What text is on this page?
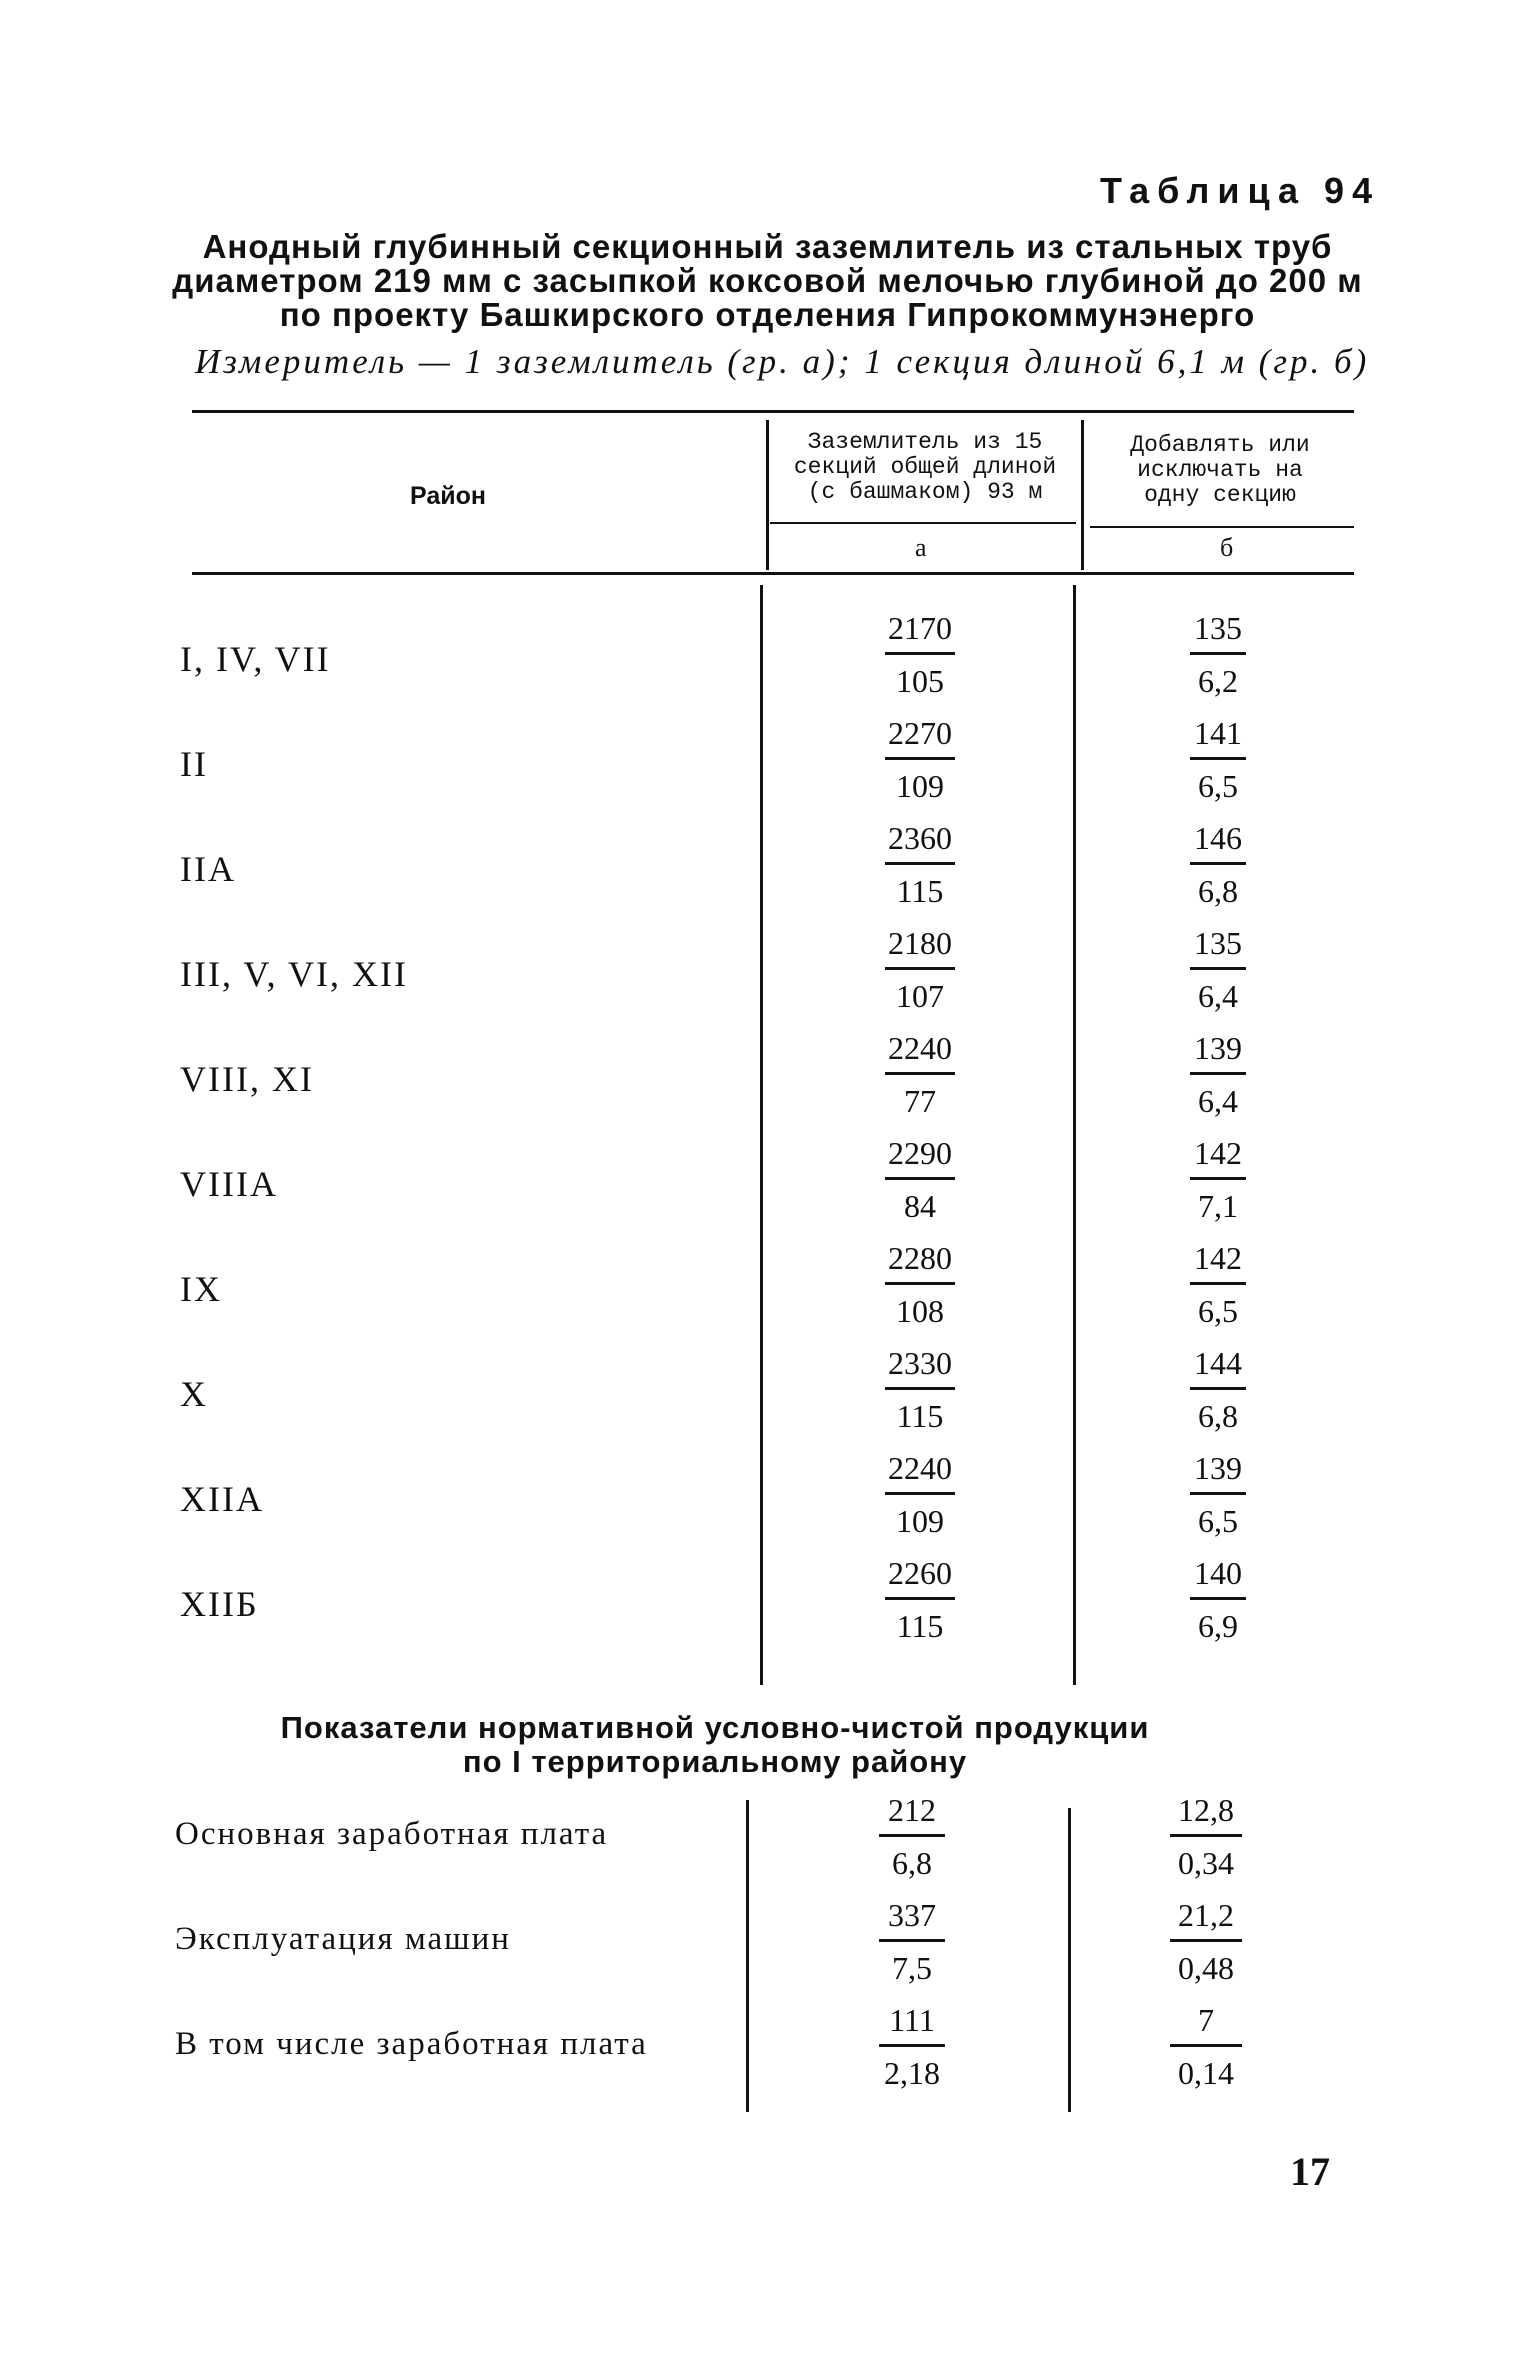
Таблица 94
Анодный глубинный секционный заземлитель из стальных труб
диаметром 219 мм с засыпкой коксовой мелочью глубиной до 200 м
по проекту Башкирского отделения Гипрокоммунэнерго
Измеритель — 1 заземлитель (гр. а); 1 секция длиной 6,1 м (гр. б)
Район
Заземлитель из 15
секций общей длиной
(с башмаком) 93 м
Добавлять или
исключать на
одну секцию
а	б
I, IV, VII
2170
105
135
6,2
II
2270
109
141
6,5
IIA
2360
115
146
6,8
III, V, VI, XII
2180
107
135
6,4
VIII, XI
2240
77
139
6,4
VIIIA
2290
84
142
7,1
IX
2280
108
142
6,5
X
2330
115
144
6,8
XIIA
2240
109
139
6,5
XIIБ
2260
115
140
6,9
Показатели нормативной условно-чистой продукции
по I территориальному району
Основная заработная плата
212
6,8
12,8
0,34
Эксплуатация машин
337
7,5
21,2
0,48
В том числе заработная плата
111
2,18
7
0,14
17
